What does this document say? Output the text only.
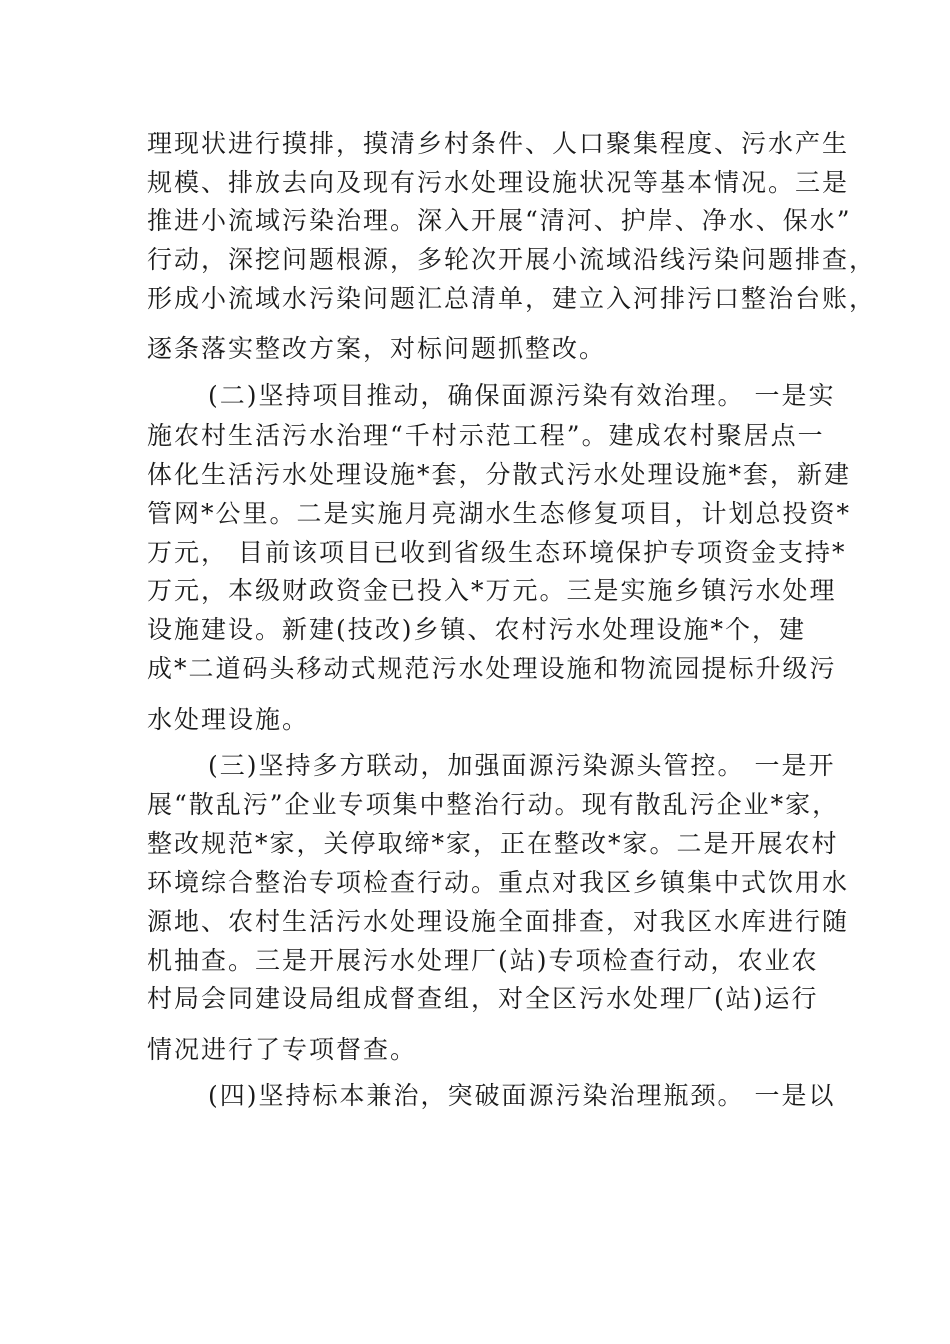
理现状进行摸排，摸清乡村条件、人口聚集程度、污水产生
规模、排放去向及现有污水处理设施状况等基本情况。三是
推进小流域污染治理。深入开展“清河、护岸、净水、保水”
行动，深挖问题根源，多轮次开展小流域沿线污染问题排查，
形成小流域水污染问题汇总清单，建立入河排污口整治台账，
逐条落实整改方案，对标问题抓整改。
(二)坚持项目推动，确保面源污染有效治理。 一是实
施农村生活污水治理“千村示范工程”。建成农村聚居点一
体化生活污水处理设施*套，分散式污水处理设施*套，新建
管网*公里。二是实施月亮湖水生态修复项目，计划总投资*
万元， 目前该项目已收到省级生态环境保护专项资金支持*
万元，本级财政资金已投入*万元。三是实施乡镇污水处理
设施建设。新建(技改)乡镇、农村污水处理设施*个，建
成*二道码头移动式规范污水处理设施和物流园提标升级污
水处理设施。
(三)坚持多方联动，加强面源污染源头管控。 一是开
展“散乱污”企业专项集中整治行动。现有散乱污企业*家，
整改规范*家，关停取缔*家，正在整改*家。二是开展农村
环境综合整治专项检查行动。重点对我区乡镇集中式饮用水
源地、农村生活污水处理设施全面排查，对我区水库进行随
机抽查。三是开展污水处理厂(站)专项检查行动，农业农
村局会同建设局组成督查组，对全区污水处理厂(站)运行
情况进行了专项督查。
(四)坚持标本兼治，突破面源污染治理瓶颈。 一是以
